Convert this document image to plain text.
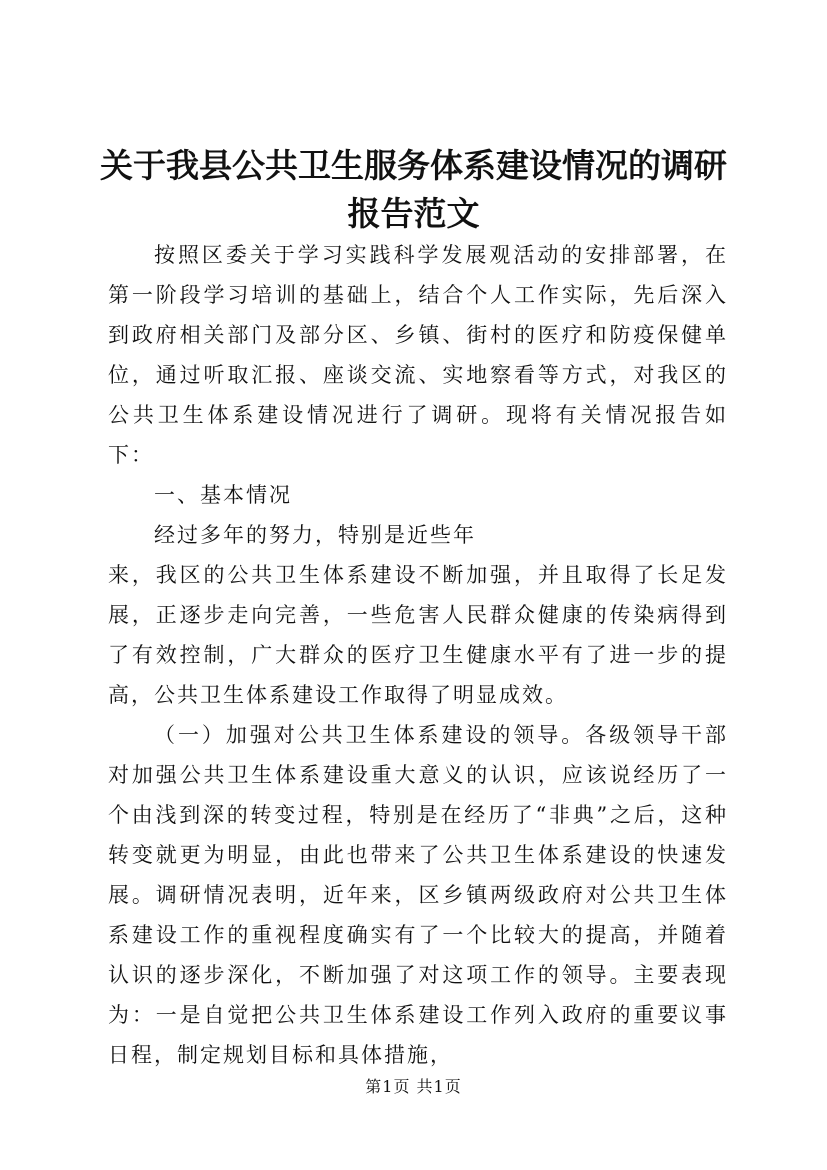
关于我县公共卫生服务体系建设情况的调研报告范文

按照区委关于学习实践科学发展观活动的安排部署，在第一阶段学习培训的基础上，结合个人工作实际，先后深入到政府相关部门及部分区、乡镇、街村的医疗和防疫保健单位，通过听取汇报、座谈交流、实地察看等方式，对我区的公共卫生体系建设情况进行了调研。现将有关情况报告如下：

一、基本情况

经过多年的努力，特别是近些年

来，我区的公共卫生体系建设不断加强，并且取得了长足发展，正逐步走向完善，一些危害人民群众健康的传染病得到了有效控制，广大群众的医疗卫生健康水平有了进一步的提高，公共卫生体系建设工作取得了明显成效。

（一）加强对公共卫生体系建设的领导。各级领导干部对加强公共卫生体系建设重大意义的认识，应该说经历了一个由浅到深的转变过程，特别是在经历了“非典”之后，这种转变就更为明显，由此也带来了公共卫生体系建设的快速发展。调研情况表明，近年来，区乡镇两级政府对公共卫生体系建设工作的重视程度确实有了一个比较大的提高，并随着认识的逐步深化，不断加强了对这项工作的领导。主要表现为：一是自觉把公共卫生体系建设工作列入政府的重要议事日程，制定规划目标和具体措施，

第1页 共1页
